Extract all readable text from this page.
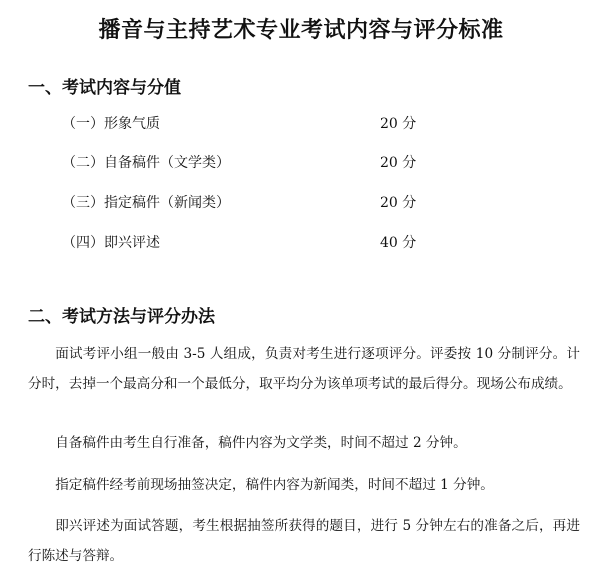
播音与主持艺术专业考试内容与评分标准
一、考试内容与分值
（一）形象气质	20 分
（二）自备稿件（文学类）	20 分
（三）指定稿件（新闻类）	20 分
（四）即兴评述	40 分
二、考试方法与评分办法
面试考评小组一般由 3-5 人组成，负责对考生进行逐项评分。评委按 10 分制评分。计分时，去掉一个最高分和一个最低分，取平均分为该单项考试的最后得分。现场公布成绩。
自备稿件由考生自行准备，稿件内容为文学类，时间不超过 2 分钟。
指定稿件经考前现场抽签决定，稿件内容为新闻类，时间不超过 1 分钟。
即兴评述为面试答题，考生根据抽签所获得的题目，进行 5 分钟左右的准备之后，再进行陈述与答辩。
